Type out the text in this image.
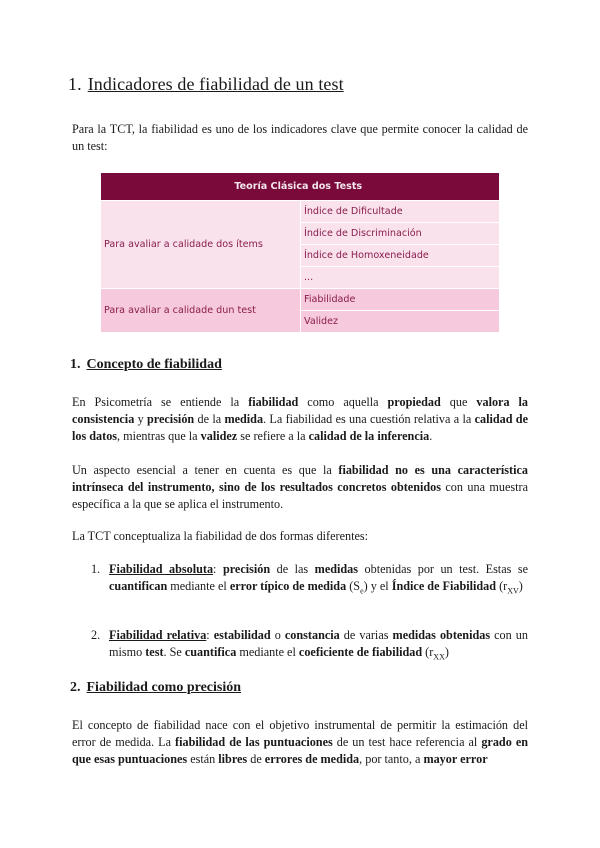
1. Indicadores de fiabilidad de un test

Para la TCT, la fiabilidad es uno de los indicadores clave que permite conocer la calidad de un test:

Teoría Clásica dos Tests	
Para avaliar a calidade dos ítems	Índice de Dificultade
	Índice de Discriminación
	Índice de Homoxeneidade
	...
Para avaliar a calidade dun test	Fiabilidade
	Validez
1. Concepto de fiabilidad

En Psicometría se entiende la fiabilidad como aquella propiedad que valora la consistencia y precisión de la medida. La fiabilidad es una cuestión relativa a la calidad de los datos, mientras que la validez se refiere a la calidad de la inferencia.

Un aspecto esencial a tener en cuenta es que la fiabilidad no es una característica intrínseca del instrumento, sino de los resultados concretos obtenidos con una muestra específica a la que se aplica el instrumento.

La TCT conceptualiza la fiabilidad de dos formas diferentes:

1. Fiabilidad absoluta: precisión de las medidas obtenidas por un test. Estas se cuantifican mediante el error típico de medida $(S_e)$ y el Índice de Fiabilidad $(r_{XV})$
2. Fiabilidad relativa: estabilidad o constancia de varias medidas obtenidas con un mismo test. Se cuantifica mediante el coeficiente de fiabilidad $(r_{XX})$
2. Fiabilidad como precisión

El concepto de fiabilidad nace con el objetivo instrumental de permitir la estimación del error de medida. La fiabilidad de las puntuaciones de un test hace referencia al grado en que esas puntuaciones están libres de errores de medida, por tanto, a mayor error
